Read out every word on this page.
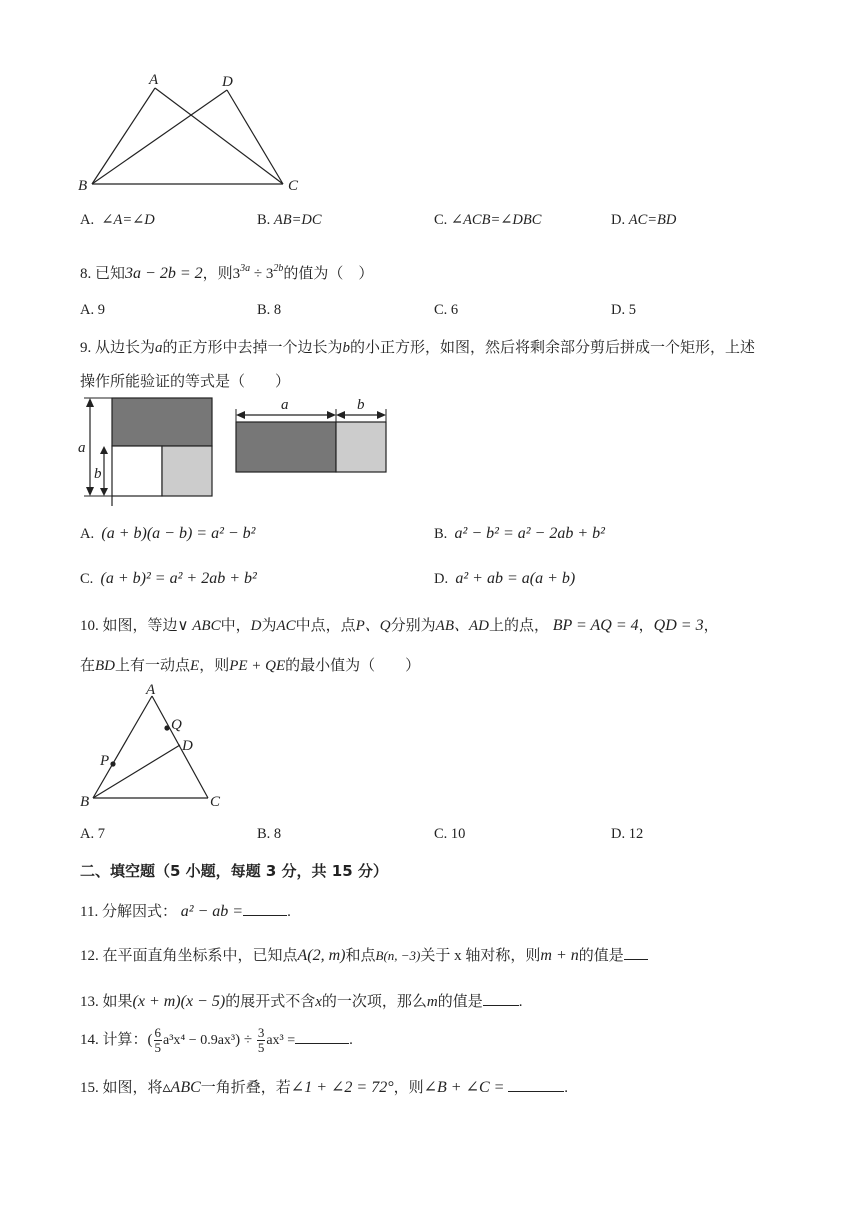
A	D
B	C
A. ∠A=∠D	B. AB=DC	C. ∠ACB=∠DBC	D. AC=BD
8. 已知3a − 2b = 2，则$3^{3a} \div 3^{2b}$的值为（　）
A. 9	B. 8	C. 6	D. 5
9. 从边长为a的正方形中去掉一个边长为b的小正方形，如图，然后将剩余部分剪后拼成一个矩形，上述
操作所能验证的等式是（　　）
a
b
a	b
A. (a + b)(a − b) = a² − b²	B. a² − b² = a² − 2ab + b²
C. (a + b)² = a² + 2ab + b²	D. a² + ab = a(a + b)
10. 如图，等边∨ ABC中，D为AC中点，点P、Q分别为AB、AD上的点， BP = AQ = 4，QD = 3，
在BD上有一动点E，则PE + QE的最小值为（　　）
A
Q
D
P
B	C
A. 7	B. 8	C. 10	D. 12
二、填空题（5 小题，每题 3 分，共 15 分）
11. 分解因式： a² − ab =	.
12. 在平面直角坐标系中，已知点A(2, m)和点B(n, −3)关于 x 轴对称，则m + n的值是
13. 如果(x + m)(x − 5)的展开式不含x的一次项，那么m的值是 .
14. 计算：( $\frac{6}{5} a^3x^4 - 0.9ax^3) \div \frac{3}{5} ax^3$ =	.
15. 如图，将▵ABC一角折叠，若∠1 + ∠2 = 72°，则∠B + ∠C =	.
